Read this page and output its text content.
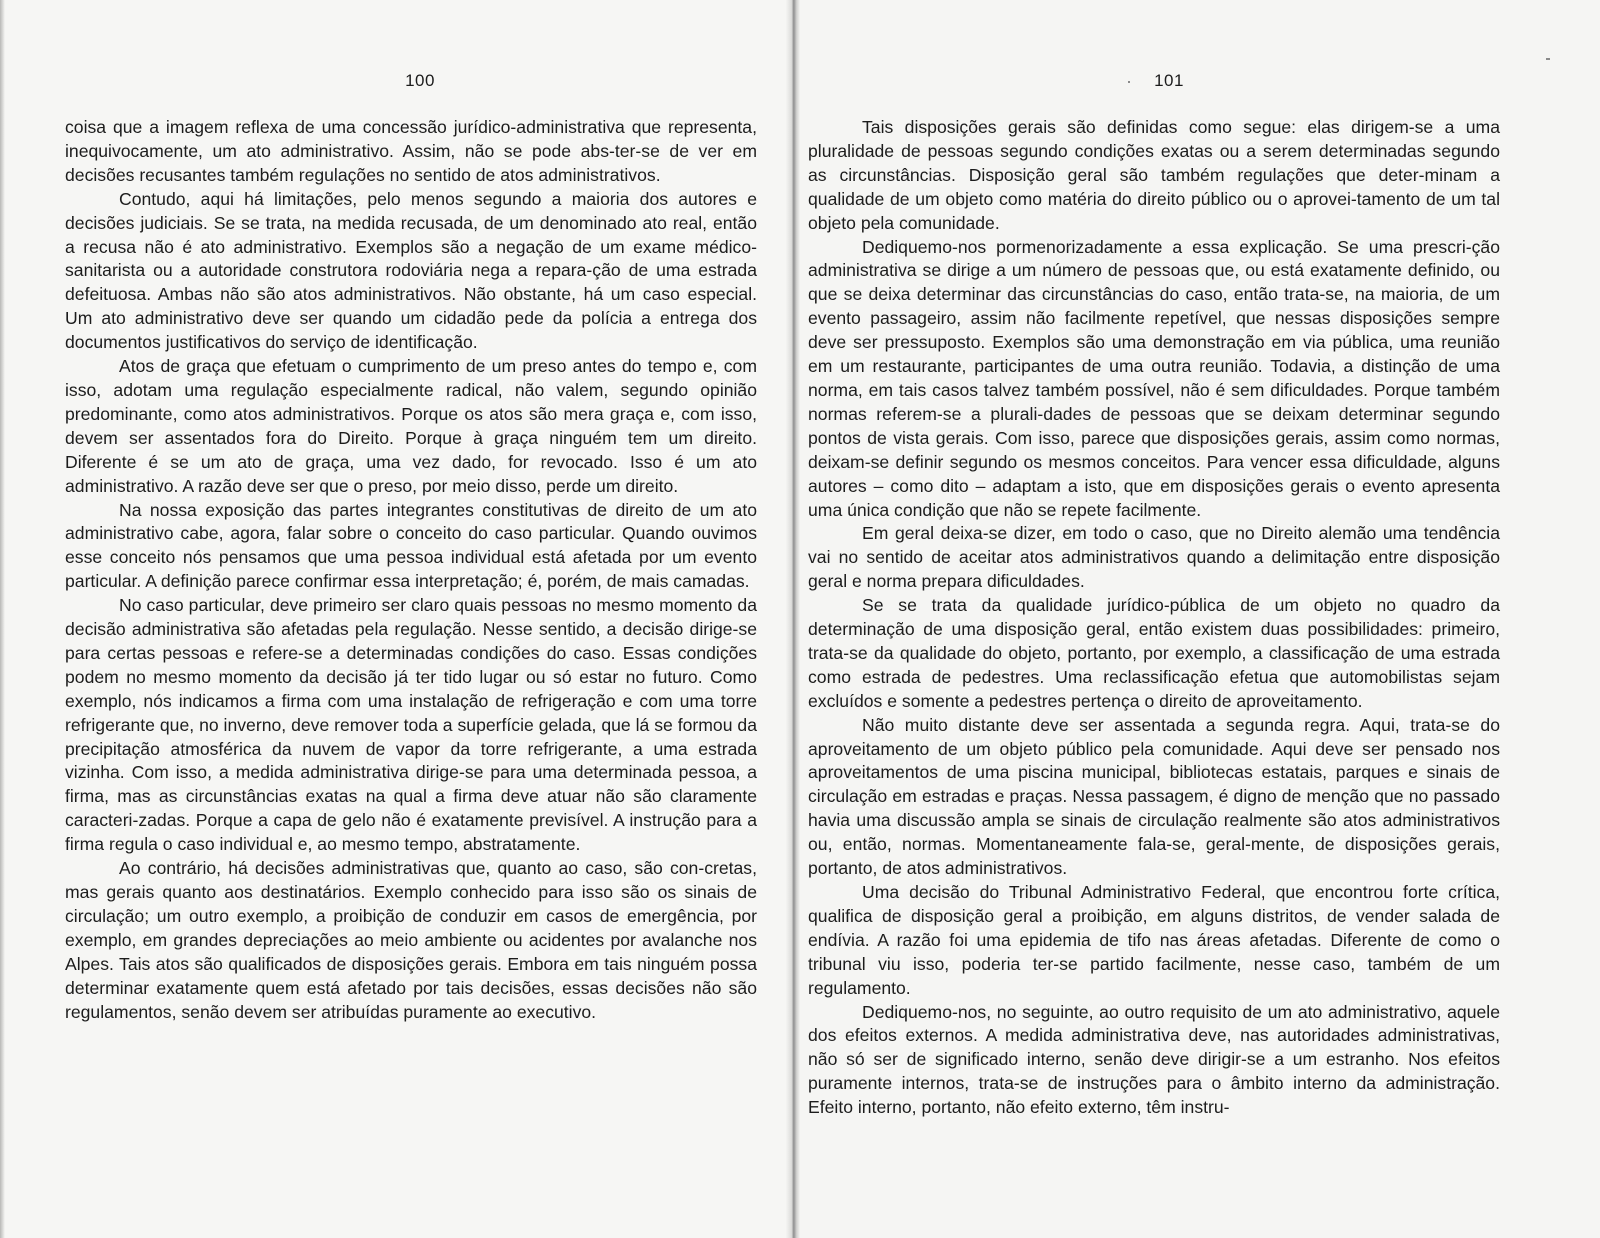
100

coisa que a imagem reflexa de uma concessão jurídico-administrativa que representa, inequivocamente, um ato administrativo. Assim, não se pode abs-ter-se de ver em decisões recusantes também regulações no sentido de atos administrativos.

Contudo, aqui há limitações, pelo menos segundo a maioria dos autores e decisões judiciais. Se se trata, na medida recusada, de um denominado ato real, então a recusa não é ato administrativo. Exemplos são a negação de um exame médico-sanitarista ou a autoridade construtora rodoviária nega a repara-ção de uma estrada defeituosa. Ambas não são atos administrativos. Não obstante, há um caso especial. Um ato administrativo deve ser quando um cidadão pede da polícia a entrega dos documentos justificativos do serviço de identificação.

Atos de graça que efetuam o cumprimento de um preso antes do tempo e, com isso, adotam uma regulação especialmente radical, não valem, segundo opinião predominante, como atos administrativos. Porque os atos são mera graça e, com isso, devem ser assentados fora do Direito. Porque à graça ninguém tem um direito. Diferente é se um ato de graça, uma vez dado, for revocado. Isso é um ato administrativo. A razão deve ser que o preso, por meio disso, perde um direito.

Na nossa exposição das partes integrantes constitutivas de direito de um ato administrativo cabe, agora, falar sobre o conceito do caso particular. Quando ouvimos esse conceito nós pensamos que uma pessoa individual está afetada por um evento particular. A definição parece confirmar essa interpretação; é, porém, de mais camadas.

No caso particular, deve primeiro ser claro quais pessoas no mesmo momento da decisão administrativa são afetadas pela regulação. Nesse sentido, a decisão dirige-se para certas pessoas e refere-se a determinadas condições do caso. Essas condições podem no mesmo momento da decisão já ter tido lugar ou só estar no futuro. Como exemplo, nós indicamos a firma com uma instalação de refrigeração e com uma torre refrigerante que, no inverno, deve remover toda a superfície gelada, que lá se formou da precipitação atmosférica da nuvem de vapor da torre refrigerante, a uma estrada vizinha. Com isso, a medida administrativa dirige-se para uma determinada pessoa, a firma, mas as circunstâncias exatas na qual a firma deve atuar não são claramente caracteri-zadas. Porque a capa de gelo não é exatamente previsível. A instrução para a firma regula o caso individual e, ao mesmo tempo, abstratamente.

Ao contrário, há decisões administrativas que, quanto ao caso, são con-cretas, mas gerais quanto aos destinatários. Exemplo conhecido para isso são os sinais de circulação; um outro exemplo, a proibição de conduzir em casos de emergência, por exemplo, em grandes depreciações ao meio ambiente ou acidentes por avalanche nos Alpes. Tais atos são qualificados de disposições gerais. Embora em tais ninguém possa determinar exatamente quem está afetado por tais decisões, essas decisões não são regulamentos, senão devem ser atribuídas puramente ao executivo.

101

Tais disposições gerais são definidas como segue: elas dirigem-se a uma pluralidade de pessoas segundo condições exatas ou a serem determinadas segundo as circunstâncias. Disposição geral são também regulações que deter-minam a qualidade de um objeto como matéria do direito público ou o aprovei-tamento de um tal objeto pela comunidade.

Dediquemo-nos pormenorizadamente a essa explicação. Se uma prescri-ção administrativa se dirige a um número de pessoas que, ou está exatamente definido, ou que se deixa determinar das circunstâncias do caso, então trata-se, na maioria, de um evento passageiro, assim não facilmente repetível, que nessas disposições sempre deve ser pressuposto. Exemplos são uma demonstração em via pública, uma reunião em um restaurante, participantes de uma outra reunião. Todavia, a distinção de uma norma, em tais casos talvez também possível, não é sem dificuldades. Porque também normas referem-se a plurali-dades de pessoas que se deixam determinar segundo pontos de vista gerais. Com isso, parece que disposições gerais, assim como normas, deixam-se definir segundo os mesmos conceitos. Para vencer essa dificuldade, alguns autores – como dito – adaptam a isto, que em disposições gerais o evento apresenta uma única condição que não se repete facilmente.

Em geral deixa-se dizer, em todo o caso, que no Direito alemão uma tendência vai no sentido de aceitar atos administrativos quando a delimitação entre disposição geral e norma prepara dificuldades.

Se se trata da qualidade jurídico-pública de um objeto no quadro da determinação de uma disposição geral, então existem duas possibilidades: primeiro, trata-se da qualidade do objeto, portanto, por exemplo, a classificação de uma estrada como estrada de pedestres. Uma reclassificação efetua que automobilistas sejam excluídos e somente a pedestres pertença o direito de aproveitamento.

Não muito distante deve ser assentada a segunda regra. Aqui, trata-se do aproveitamento de um objeto público pela comunidade. Aqui deve ser pensado nos aproveitamentos de uma piscina municipal, bibliotecas estatais, parques e sinais de circulação em estradas e praças. Nessa passagem, é digno de menção que no passado havia uma discussão ampla se sinais de circulação realmente são atos administrativos ou, então, normas. Momentaneamente fala-se, geral-mente, de disposições gerais, portanto, de atos administrativos.

Uma decisão do Tribunal Administrativo Federal, que encontrou forte crítica, qualifica de disposição geral a proibição, em alguns distritos, de vender salada de endívia. A razão foi uma epidemia de tifo nas áreas afetadas. Diferente de como o tribunal viu isso, poderia ter-se partido facilmente, nesse caso, também de um regulamento.

Dediquemo-nos, no seguinte, ao outro requisito de um ato administrativo, aquele dos efeitos externos. A medida administrativa deve, nas autoridades administrativas, não só ser de significado interno, senão deve dirigir-se a um estranho. Nos efeitos puramente internos, trata-se de instruções para o âmbito interno da administração. Efeito interno, portanto, não efeito externo, têm instru-
